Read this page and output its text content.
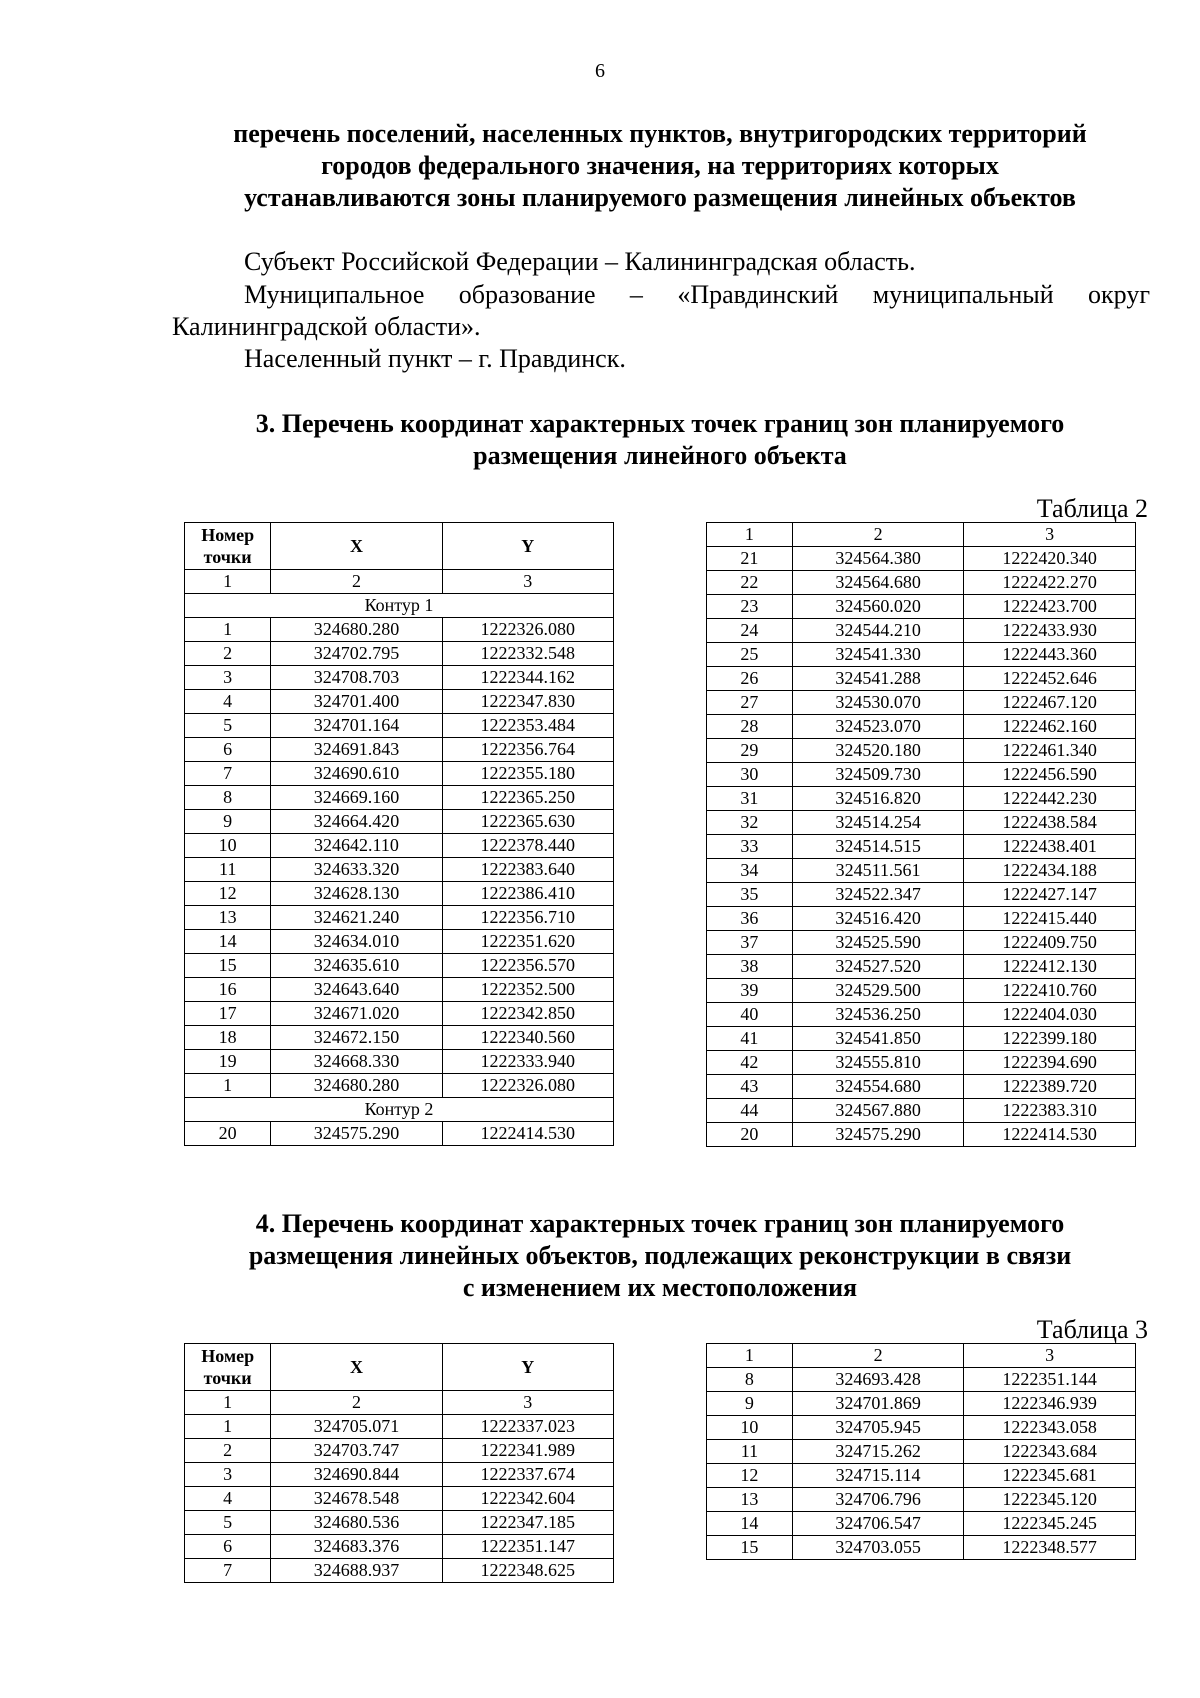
6
перечень поселений, населенных пунктов, внутригородских территорий
городов федерального значения, на территориях которых
устанавливаются зоны планируемого размещения линейных объектов
Субъект Российской Федерации – Калининградская область.
Муниципальное образование – «Правдинский муниципальный округ Калининградской области».
Населенный пункт – г. Правдинск.
3. Перечень координат характерных точек границ зон планируемого
размещения линейного объекта
Таблица 2
Номер точки	X	Y
1	2	3
Контур 1		
1	324680.280	1222326.080
2	324702.795	1222332.548
3	324708.703	1222344.162
4	324701.400	1222347.830
5	324701.164	1222353.484
6	324691.843	1222356.764
7	324690.610	1222355.180
8	324669.160	1222365.250
9	324664.420	1222365.630
10	324642.110	1222378.440
11	324633.320	1222383.640
12	324628.130	1222386.410
13	324621.240	1222356.710
14	324634.010	1222351.620
15	324635.610	1222356.570
16	324643.640	1222352.500
17	324671.020	1222342.850
18	324672.150	1222340.560
19	324668.330	1222333.940
1	324680.280	1222326.080
Контур 2		
20	324575.290	1222414.530
1	2	3
21	324564.380	1222420.340
22	324564.680	1222422.270
23	324560.020	1222423.700
24	324544.210	1222433.930
25	324541.330	1222443.360
26	324541.288	1222452.646
27	324530.070	1222467.120
28	324523.070	1222462.160
29	324520.180	1222461.340
30	324509.730	1222456.590
31	324516.820	1222442.230
32	324514.254	1222438.584
33	324514.515	1222438.401
34	324511.561	1222434.188
35	324522.347	1222427.147
36	324516.420	1222415.440
37	324525.590	1222409.750
38	324527.520	1222412.130
39	324529.500	1222410.760
40	324536.250	1222404.030
41	324541.850	1222399.180
42	324555.810	1222394.690
43	324554.680	1222389.720
44	324567.880	1222383.310
20	324575.290	1222414.530
4. Перечень координат характерных точек границ зон планируемого
размещения линейных объектов, подлежащих реконструкции в связи
с изменением их местоположения
Таблица 3
Номер точки	X	Y
1	2	3
1	324705.071	1222337.023
2	324703.747	1222341.989
3	324690.844	1222337.674
4	324678.548	1222342.604
5	324680.536	1222347.185
6	324683.376	1222351.147
7	324688.937	1222348.625
1	2	3
8	324693.428	1222351.144
9	324701.869	1222346.939
10	324705.945	1222343.058
11	324715.262	1222343.684
12	324715.114	1222345.681
13	324706.796	1222345.120
14	324706.547	1222345.245
15	324703.055	1222348.577
